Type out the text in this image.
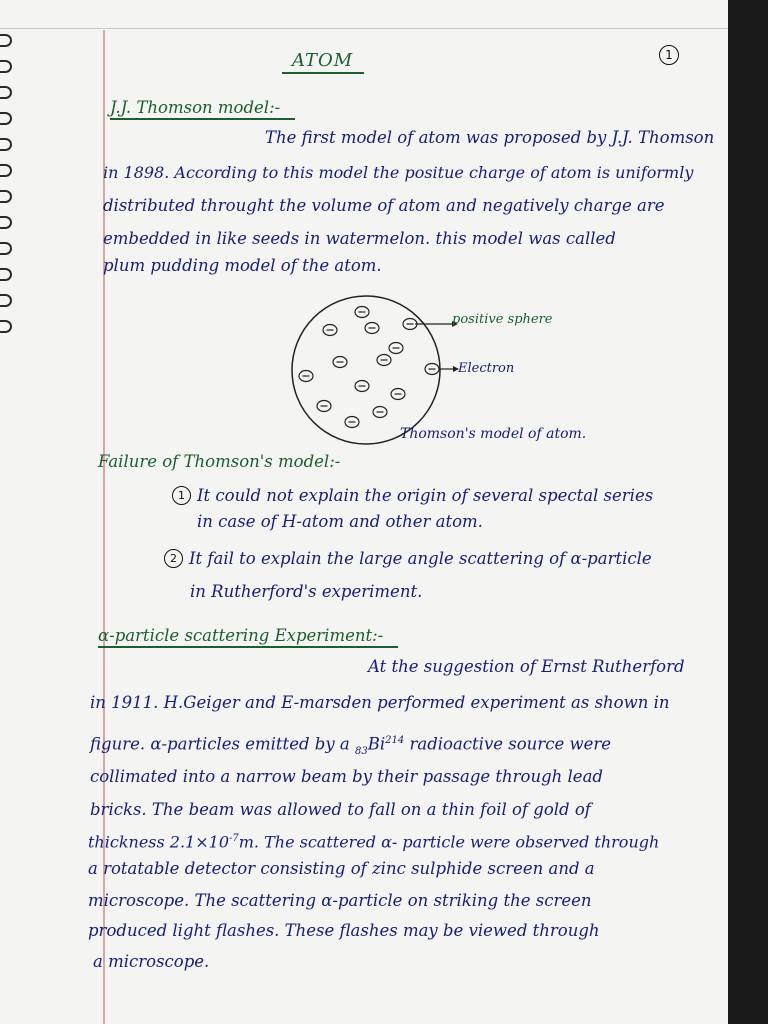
ATOM	1
J.J. Thomson model:-
The first model of atom was proposed by J.J. Thomson
in 1898. According to this model the positue charge of atom is uniformly
distributed throught the volume of atom and negatively charge are
embedded in like seeds in watermelon. this model was called
plum pudding model of the atom.
positive sphere
Electron
Thomson's model of atom.
Failure of Thomson's model:-
1 It could not explain the origin of several spectal series
in case of H-atom and other atom.
2 It fail to explain the large angle scattering of α-particle
in Rutherford's experiment.
α-particle scattering Experiment:-
At the suggestion of Ernst Rutherford
in 1911. H.Geiger and E-marsden performed experiment as shown in
figure. α-particles emitted by a $_{83}Bi^{214}$ radioactive source were
collimated into a narrow beam by their passage through lead
bricks. The beam was allowed to fall on a thin foil of gold of
thickness $2.1\times 10^{-7}m$. The scattered α- particle were observed through
a rotatable detector consisting of zinc sulphide screen and a
microscope. The scattering α-particle on striking the screen
produced light flashes. These flashes may be viewed through
a microscope.
